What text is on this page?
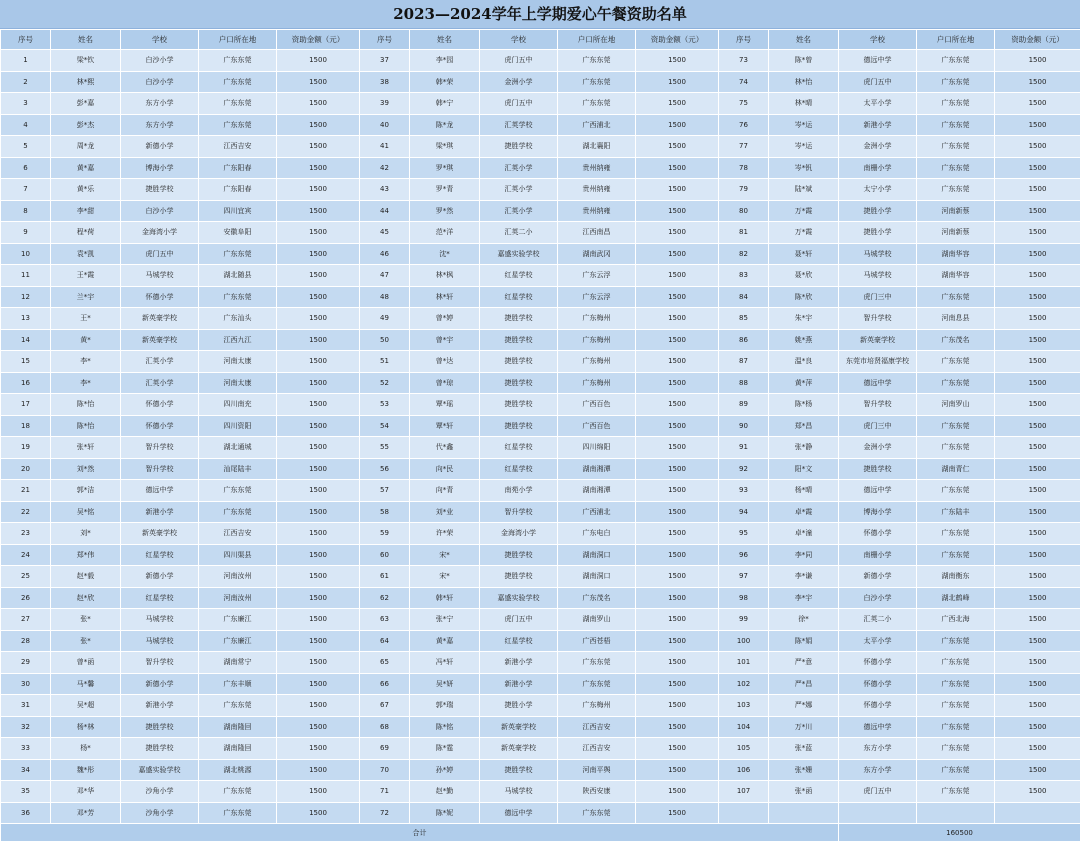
2023—2024学年上学期爱心午餐资助名单
序号	姓名	学校	户口所在地	资助金额（元）	序号	姓名	学校	户口所在地	资助金额（元）	序号	姓名	学校	户口所在地	资助金额（元）
1	梁*钦	白沙小学	广东东莞	1500	37	李*园	虎门五中	广东东莞	1500	73	陈*曾	德远中学	广东东莞	1500
2	林*熙	白沙小学	广东东莞	1500	38	韩*荣	金洲小学	广东东莞	1500	74	林*怡	虎门五中	广东东莞	1500
3	彭*嘉	东方小学	广东东莞	1500	39	韩*宁	虎门五中	广东东莞	1500	75	林*晴	太平小学	广东东莞	1500
4	彭*杰	东方小学	广东东莞	1500	40	陈*龙	汇英学校	广西浦北	1500	76	岑*运	新港小学	广东东莞	1500
5	周*龙	新德小学	江西吉安	1500	41	梁*琪	捷胜学校	湖北襄阳	1500	77	岑*运	金洲小学	广东东莞	1500
6	黄*嘉	博海小学	广东阳春	1500	42	罗*琪	汇英小学	贵州纳雍	1500	78	岑*钒	南栅小学	广东东莞	1500
7	黄*乐	捷胜学校	广东阳春	1500	43	罗*青	汇英小学	贵州纳雍	1500	79	陆*斌	太宁小学	广东东莞	1500
8	李*甜	白沙小学	四川宜宾	1500	44	罗*然	汇英小学	贵州纳雍	1500	80	万*霞	捷胜小学	河南新蔡	1500
9	程*荷	金海湾小学	安徽阜阳	1500	45	范*洋	汇英二小	江西南昌	1500	81	万*霞	捷胜小学	河南新蔡	1500
10	袁*凯	虎门五中	广东东莞	1500	46	沈*	嘉盛实验学校	湖南武冈	1500	82	聂*轩	马城学校	湖南华容	1500
11	王*霞	马城学校	湖北随县	1500	47	林*枫	红星学校	广东云浮	1500	83	聂*欣	马城学校	湖南华容	1500
12	兰*宇	怀德小学	广东东莞	1500	48	林*轩	红星学校	广东云浮	1500	84	陈*欣	虎门三中	广东东莞	1500
13	王*	新英豪学校	广东汕头	1500	49	曾*婷	捷胜学校	广东梅州	1500	85	朱*宇	智升学校	河南息县	1500
14	黄*	新英豪学校	江西九江	1500	50	曾*宇	捷胜学校	广东梅州	1500	86	姚*燕	新英豪学校	广东茂名	1500
15	李*	汇英小学	河南太康	1500	51	曾*达	捷胜学校	广东梅州	1500	87	温*良	东莞市培贤福康学校	广东东莞	1500
16	李*	汇英小学	河南太康	1500	52	曾*琼	捷胜学校	广东梅州	1500	88	黄*萍	德远中学	广东东莞	1500
17	陈*怡	怀德小学	四川南充	1500	53	覃*瑶	捷胜学校	广西百色	1500	89	陈*杨	智升学校	河南罗山	1500
18	陈*怡	怀德小学	四川资阳	1500	54	覃*轩	捷胜学校	广西百色	1500	90	郑*昌	虎门三中	广东东莞	1500
19	张*轩	智升学校	湖北通城	1500	55	代*鑫	红星学校	四川绵阳	1500	91	张*静	金洲小学	广东东莞	1500
20	刘*然	智升学校	汕尾陆丰	1500	56	向*民	红星学校	湖南湘潭	1500	92	阳*文	捷胜学校	湖南青仁	1500
21	郭*洁	德远中学	广东东莞	1500	57	向*青	南苑小学	湖南湘潭	1500	93	杨*晴	德远中学	广东东莞	1500
22	吴*铭	新港小学	广东东莞	1500	58	刘*业	智升学校	广西浦北	1500	94	卓*霞	博海小学	广东陆丰	1500
23	刘*	新英豪学校	江西吉安	1500	59	许*荣	金海湾小学	广东电白	1500	95	卓*潼	怀德小学	广东东莞	1500
24	郑*伟	红星学校	四川渠县	1500	60	宋*	捷胜学校	湖南洞口	1500	96	李*同	南栅小学	广东东莞	1500
25	赵*毅	新德小学	河南汝州	1500	61	宋*	捷胜学校	湖南洞口	1500	97	李*谦	新德小学	湖南衡东	1500
26	赵*欣	红星学校	河南汝州	1500	62	韩*轩	嘉盛实验学校	广东茂名	1500	98	李*宇	白沙小学	湖北鹤峰	1500
27	张*	马城学校	广东廉江	1500	63	张*宁	虎门五中	湖南罗山	1500	99	徐*	汇英二小	广西北海	1500
28	张*	马城学校	广东廉江	1500	64	黄*嘉	红星学校	广西苍梧	1500	100	陈*娟	太平小学	广东东莞	1500
29	曾*函	智升学校	湖南常宁	1500	65	冯*轩	新港小学	广东东莞	1500	101	严*意	怀德小学	广东东莞	1500
30	马*馨	新德小学	广东丰顺	1500	66	吴*妍	新港小学	广东东莞	1500	102	严*昌	怀德小学	广东东莞	1500
31	吴*超	新港小学	广东东莞	1500	67	郭*瑞	捷胜小学	广东梅州	1500	103	严*娜	怀德小学	广东东莞	1500
32	杨*林	捷胜学校	湖南隆回	1500	68	陈*铭	新英豪学校	江西吉安	1500	104	万*川	德远中学	广东东莞	1500
33	杨*	捷胜学校	湖南隆回	1500	69	陈*霆	新英豪学校	江西吉安	1500	105	张*蓝	东方小学	广东东莞	1500
34	魏*彤	嘉盛实验学校	湖北桃源	1500	70	孙*婷	捷胜学校	河南平舆	1500	106	张*姗	东方小学	广东东莞	1500
35	邓*华	沙角小学	广东东莞	1500	71	赵*勤	马城学校	陕西安康	1500	107	张*函	虎门五中	广东东莞	1500
36	邓*芳	沙角小学	广东东莞	1500	72	陈*妮	德远中学	广东东莞	1500					
合计												160500		
